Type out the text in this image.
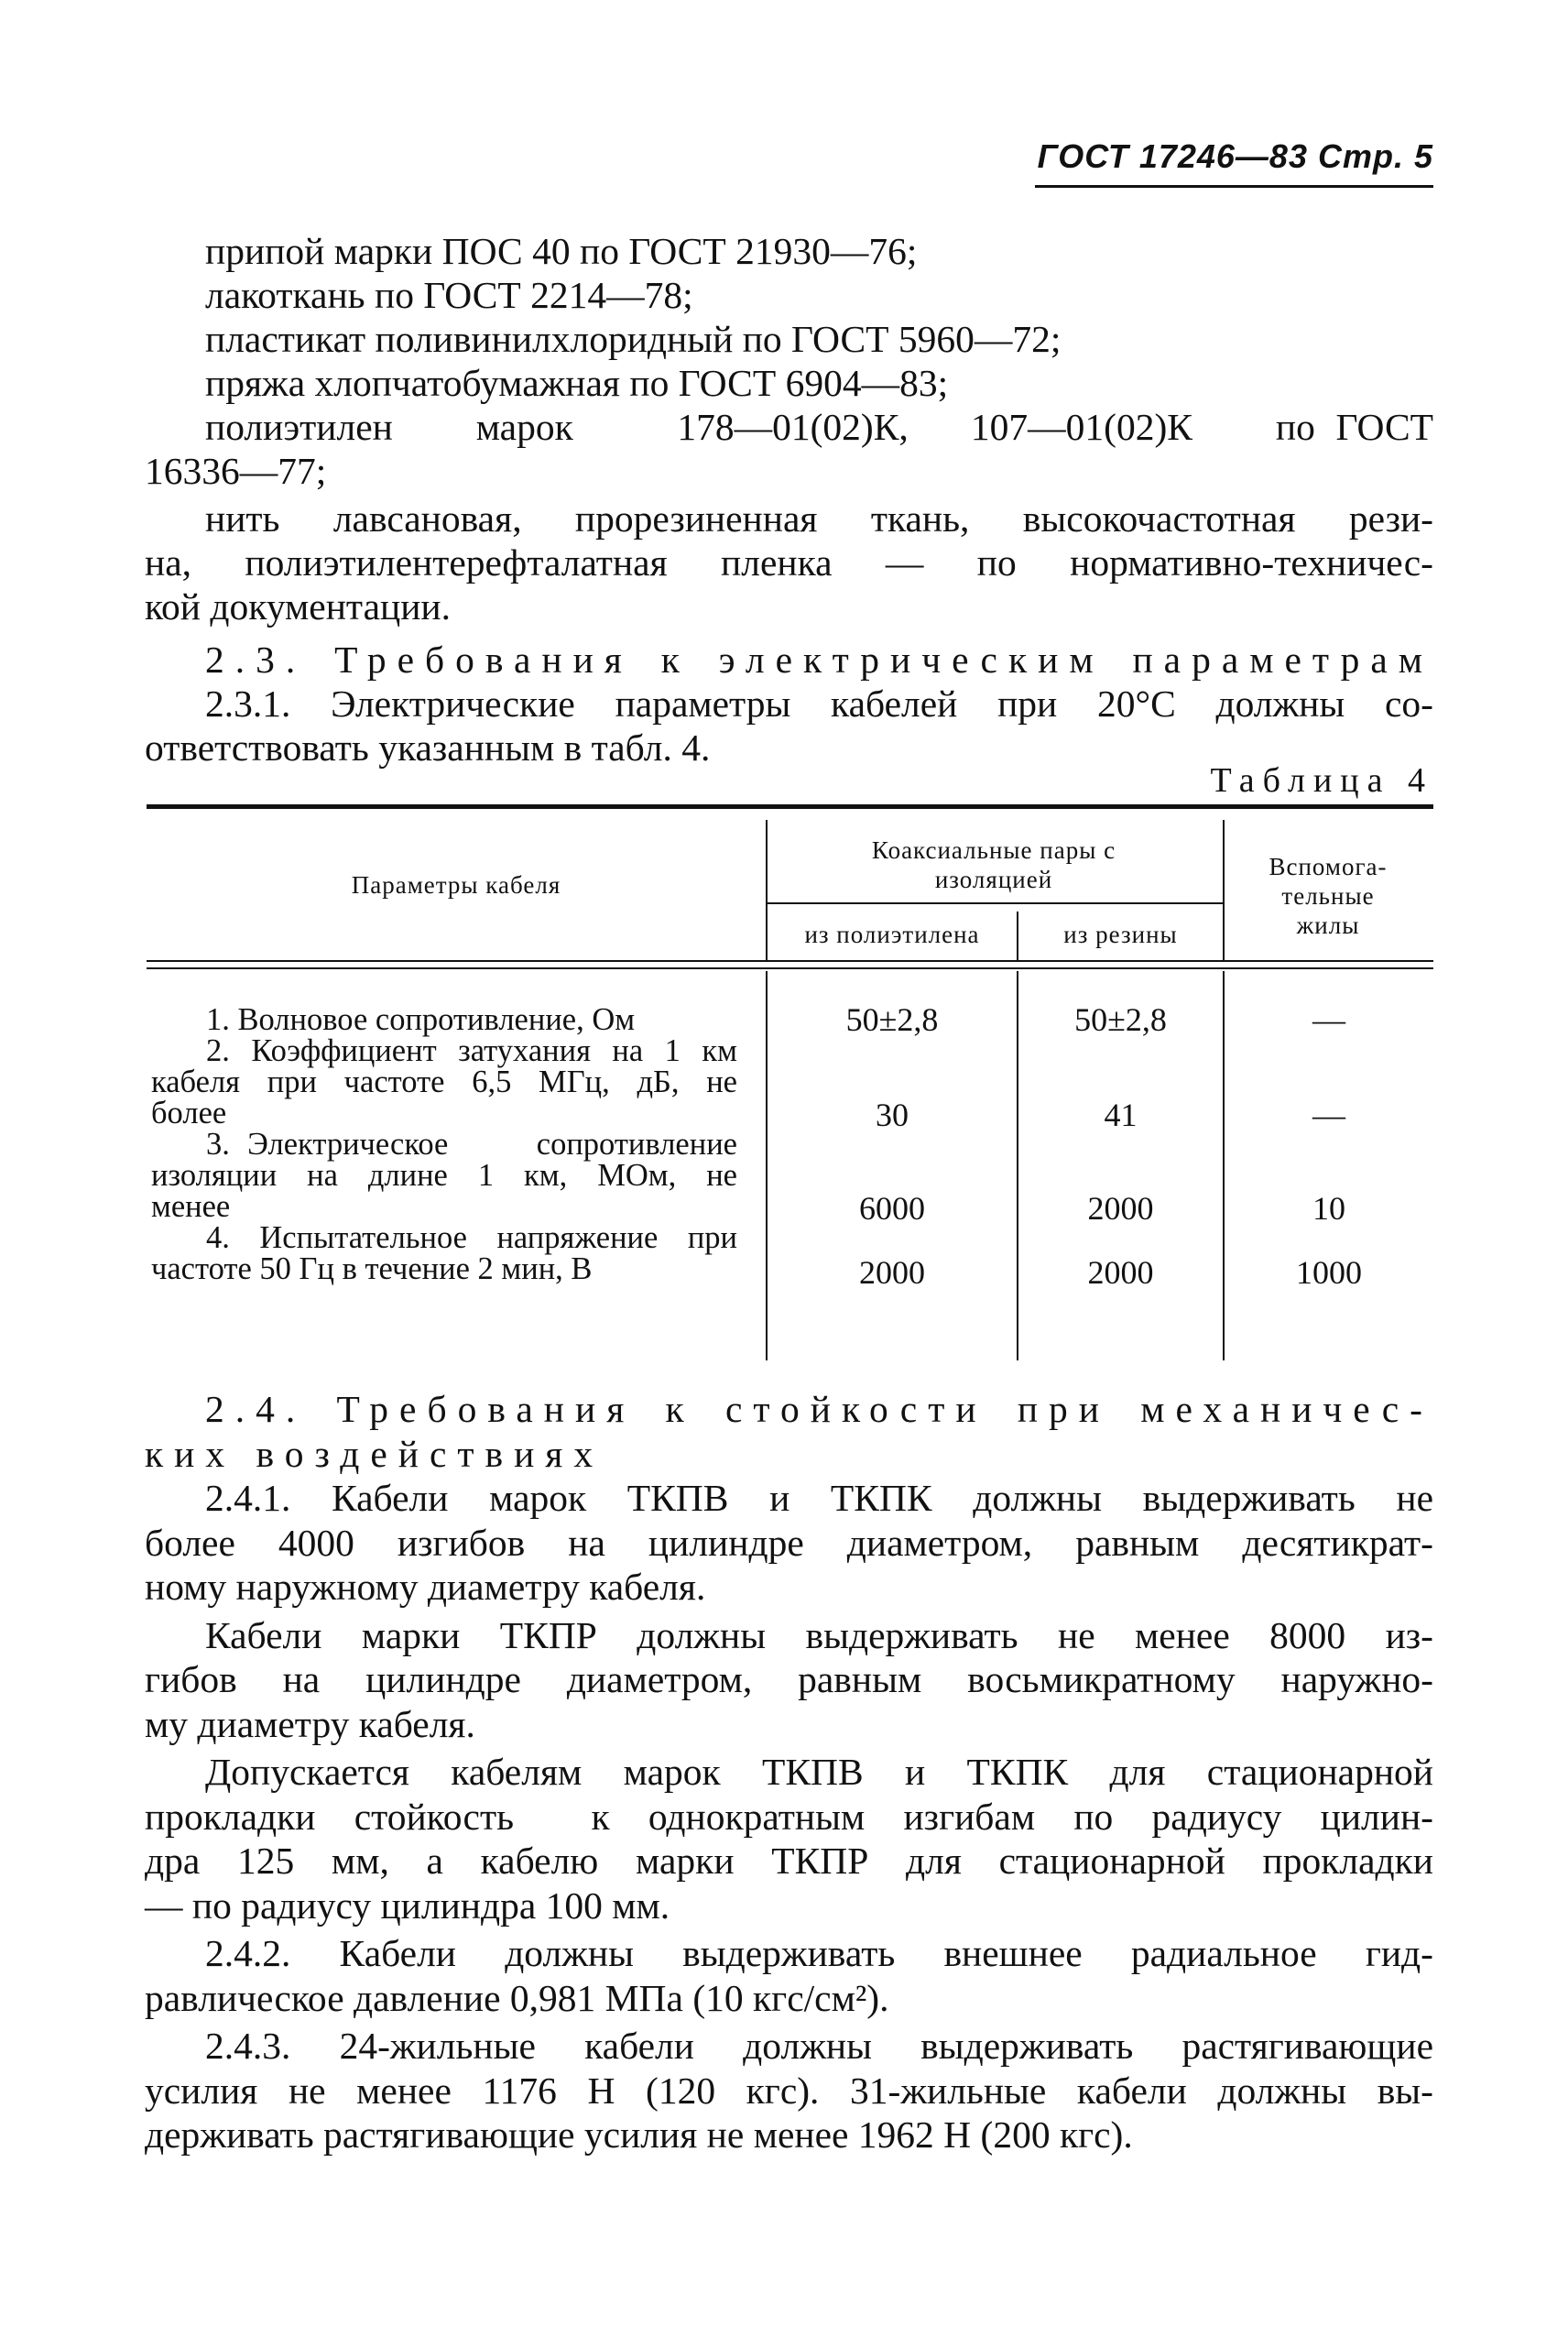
ГОСТ 17246—83 Стр. 5

припой марки ПОС 40 по ГОСТ 21930—76;

лакоткань по ГОСТ 2214—78;

пластикат поливинилхлоридный по ГОСТ 5960—72;

пряжа хлопчатобумажная по ГОСТ 6904—83;

полиэтилен    марок     178—01(02)К,   107—01(02)К    по ГОСТ

16336—77;

нить лавсановая, прорезиненная ткань, высокочастотная рези-

на, полиэтилентерефталатная пленка — по нормативно-техничес-

кой документации.

2.3. Требования к электрическим параметрам

2.3.1. Электрические параметры кабелей при 20°С должны со-

ответствовать указанным в табл. 4.

Таблица 4
Параметры кабеля
Коаксиальные пары с изоляцией
из полиэтилена	из резины
Вспомога-тельные жилы

1. Волновое сопротивление, Ом	50±2,8	50±2,8	—

2. Коэффициент затухания на 1 км

кабеля при частоте 6,5 МГц, дБ, не

более	30	41	—

3. Электрическое     сопротивление

изоляции на длине 1 км, МОм, не

менее	6000	2000	10

4. Испытательное напряжение при

частоте 50 Гц в течение 2 мин, В	2000	2000	1000

2.4. Требования к стойкости при механичес-

ких воздействиях

2.4.1. Кабели марок ТКПВ и ТКПК должны выдерживать не

более 4000 изгибов на цилиндре диаметром, равным десятикрат-

ному наружному диаметру кабеля.

Кабели марки ТКПР должны выдерживать не менее 8000 из-

гибов на цилиндре диаметром, равным восьмикратному наружно-

му диаметру кабеля.

Допускается кабелям марок ТКПВ и ТКПК для стационарной

прокладки стойкость  к однократным изгибам по радиусу цилин-

дра 125 мм, а кабелю марки ТКПР для стационарной прокладки

— по радиусу цилиндра 100 мм.

2.4.2. Кабели должны выдерживать внешнее радиальное гид-

равлическое давление 0,981 МПа (10 кгс/см²).

2.4.3. 24-жильные кабели должны выдерживать растягивающие

усилия не менее 1176 Н (120 кгс). 31-жильные кабели должны вы-

держивать растягивающие усилия не менее 1962 Н (200 кгс).
